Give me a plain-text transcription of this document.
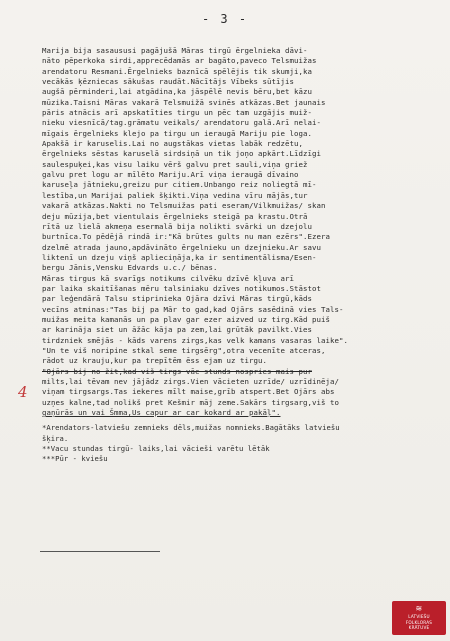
- 3 -
4
Marija bija sasaususi pagājušā Māras tirgū ērgelnieka dāvi-
nāto pēperkoka sirdi,apprecēdamās ar bagāto,paveco Telsmuižas
arendatoru Resmani.Ērgelnieks baznīcā spēlējis tik skumji,ka
vecākās ķēzniecas sākušas raudāt.Nācītājs Vībeks sūtījis
augšā pērminderi,lai atgādina,ka jāspēlē nevis bēru,bet kāzu
mūzika.Taisni Māras vakarā Telsmuižā svinēs atkāzas.Bet jaunais
pāris atnācis arī apskatīties tirgu un pēc tam uzgājis muiž-
nieku viesnīcā/tag.grāmatu veikals/ arendatoru galā.Arī nelai-
mīgais ērgelnieks klejo pa tirgu un ieraugā Mariju pie loga.
Apakšā ir karuselis.Lai no augstākas vietas labāk redzētu,
ērgelnieks sēstas karuselā sirdsiņā un tik joņo apkārt.Līdzīgi
saulespuķei,kas visu laiku vērš galvu pret sauli,viņa griež
galvu pret logu ar mīlēto Mariju.Arī viņa ieraugā dīvaino
karuseļa jātnieku,greizu pur citiem.Unbango reiz noliegtā mī-
lestība,un Marijai paliek šķikti.Viņa vedina vīru mājās,tur
vakarā atkāzas.Nakti no Telsmuižas pati eseram/Vilkmuižas/ skan
deju mūzija,bet vientulais ērgelnieks steigā pa krastu.Otrā
rītā uz lielā akmeņa esermalā bija nolikti svārki un dzejolu
burtnīca.To pēdējā rindā ir:"Kā brūtes gults nu man ezērs".Ezera
dzelmē atrada jauno,apdāvināto ērgelnieku un dzejnieku.Ar savu
liktenī un dzeju viņš aplieciņāja,ka ir sentimentālisma/Esen-
bergu Jānis,Vensku Edvards u.c./ bēnas.
Māras tirgus kā svarīgs notikums cilvēku dzīvē kļuva arī
par laika skaitīšanas mēru talsiniaku dzīves notikumos.Stāstot
par leģendārā Talsu stiprinieka Ojāra dzīvi Māras tirgū,kāds
vecīns atminas:"Tas bij pa Mār to gad,kad Ojārs sasēdinā vies Tals-
muižas meita kamanās un pa plav gar ezer aizved uz tirg.Kād puiš
ar karināja siet un āžāc kāja pa zem,lai grūtāk pavilkt.Vies
tirdzniek smējās - kāds varens zirgs,kas velk kamans vasaras laike".
"Un te viš noripine stkal seme tirgsērg",otra vecenīte atceras,
rādot uz krauju,kur pa trepītēm ēss ejam uz tirgu.
"Ojārs bij no žit,kad viš tirgs vāc stunds nospries mais pur
milts,lai tēvam nev jājādz zirgs.Vien vācieten uzrīde/ uzrīdinēja/
viņam tirgsargs.Tas iekeres mīlt maise,grīb atspert.Bet Ojārs abs
uzņes kalne,tad nolikš pret Kešmir māj zeme.Sakārs tirgsarg,viš to
gaņūrās un vai Šmma,Us capur ar car kokard ar pakāļ".
*Arendators-latviešu zemnieks dēls,muižas nomnieks.Bagātāks latviešu
šķira.
**Vacu stundas tirgū- laiks,lai vācieši varētu lētāk
***Pūr - kviešu
≋
LATVIEŠU
FOLKLORAS
KRĀTUVE
